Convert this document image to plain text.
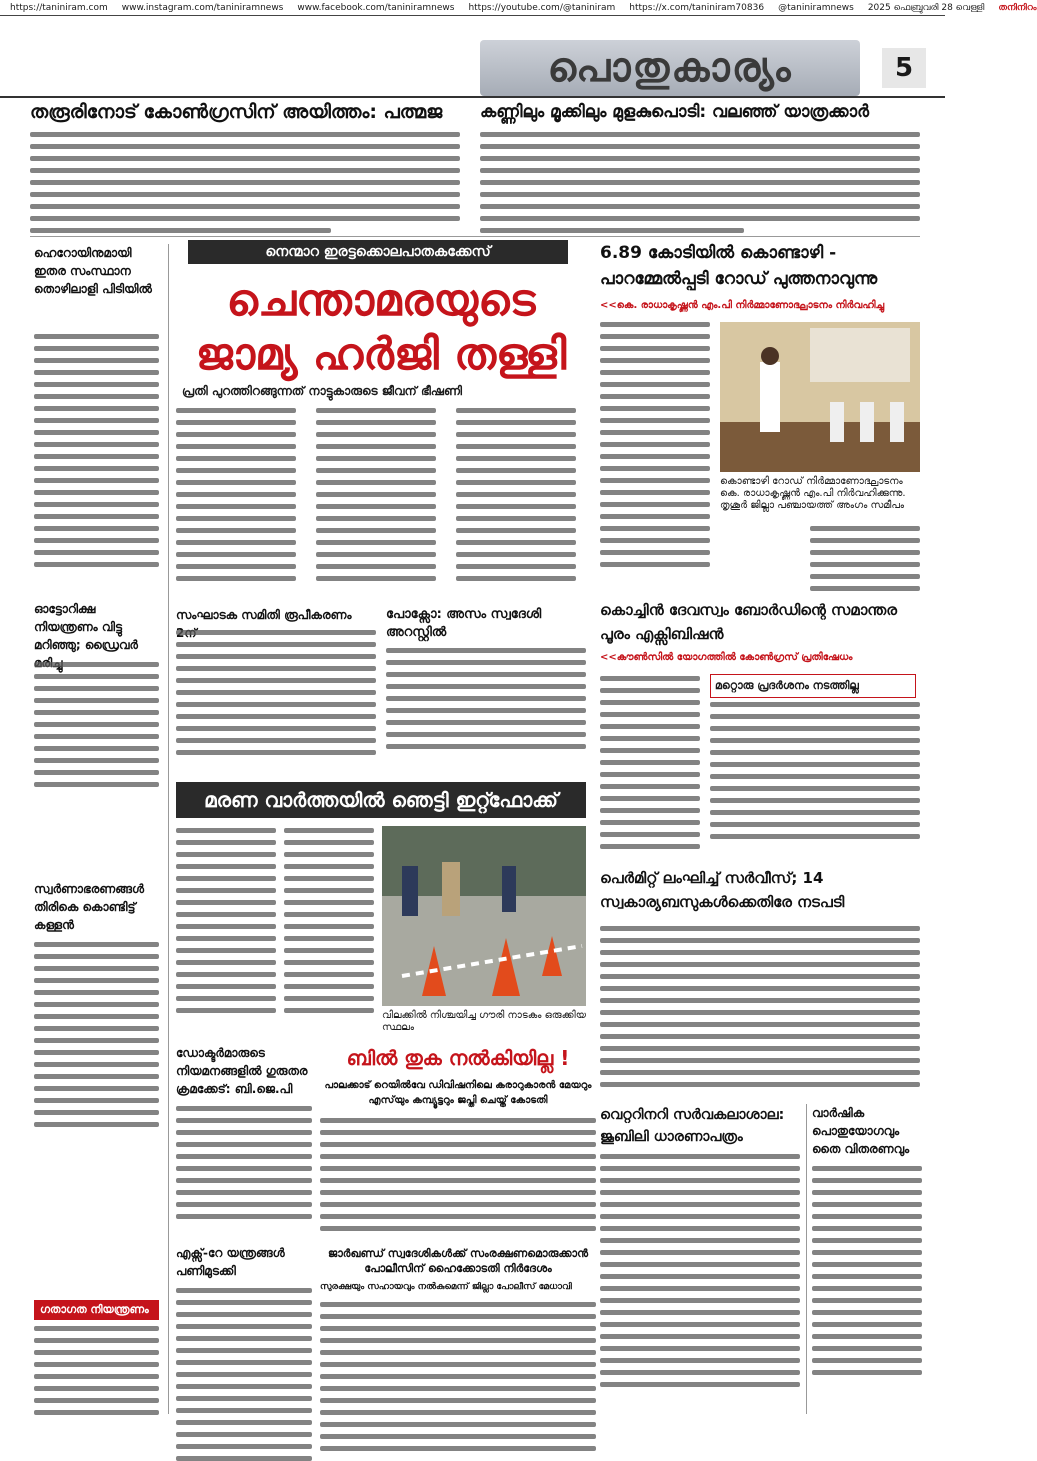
https://taniniram.com www.instagram.com/taniniramnews www.facebook.com/taniniramnews https://youtube.com/@taniniram https://x.com/taniniram70836 @taniniramnews 2025 ഫെബ്രുവരി 28 വെള്ളി തനിനിറം
പൊതുകാര്യം	5
തരൂരിനോട് കോൺഗ്രസിന് അയിത്തം: പത്മജ	കണ്ണിലും മൂക്കിലും മുളകുപൊടി: വലഞ്ഞ് യാത്രക്കാർ
ഹെറോയിനുമായി ഇതര സംസ്ഥാന തൊഴിലാളി പിടിയിൽ
ഓട്ടോറിക്ഷ നിയന്ത്രണം വിട്ടു മറിഞ്ഞു; ഡ്രൈവർ
സ്വർണാഭരണങ്ങൾ തിരികെ കൊണ്ടിട്ട് കള്ളൻ
ഗതാഗത നിയന്ത്രണം
നെന്മാറ ഇരട്ടക്കൊലപാതകക്കേസ്
ചെന്താമരയുടെ ജാമ്യ ഹർജി തള്ളി
പ്രതി പുറത്തിറങ്ങുന്നത് നാട്ടുകാരുടെ ജീവന് ഭീഷണി
സംഘാടക സമിതി രൂപീകരണം	പോക്സോ: അസം സ്വദേശി അറസ്റ്റിൽ
മരണ വാർത്തയിൽ ഞെട്ടി ഇറ്റ്ഫോക്ക്
വിലക്കിൽ നിശ്ചയിച്ച ഗൗരി നാടകം ഒരുക്കിയ സ്ഥലം
6.89 കോടിയിൽ കൊണ്ടാഴി - പാറമ്മേൽപ്പടി റോഡ് പുത്തനാവുന്നു
<<കെ. രാധാകൃഷ്ണൻ എം.പി നിർമ്മാണോദ്ഘാടനം നിർവഹിച്ചു
കൊണ്ടാഴി റോഡ് നിർമ്മാണോദ്ഘാടനം കെ. രാധാകൃഷ്ണൻ എം.പി നിർവഹിക്കുന്നു. തൃശൂർ ജില്ലാ പഞ്ചായത്ത് അംഗം സമീപം
കൊച്ചിൻ ദേവസ്വം ബോർഡിന്റെ സമാന്തര പൂരം എക്സിബിഷൻ
<<കൗൺസിൽ യോഗത്തിൽ കോൺഗ്രസ് പ്രതിഷേധം
മറ്റൊരു പ്രദർശനം നടത്തില്ല
പെർമിറ്റ് ലംഘിച്ച് സർവീസ്; 14 സ്വകാര്യബസുകൾക്കെതിരേ നടപടി
ബിൽ തുക നൽകിയില്ല !
പാലക്കാട് റെയിൽവേ ഡിവിഷനിലെ കരാറുകാരൻ മേയറും എസ്‌യും കമ്പ്യൂട്ടറും ജപ്തി ചെയ്ത് കോടതി
ഡോക്ടർമാരുടെ നിയമനങ്ങളിൽ ഗുരുതര ക്രമക്കേട്: ബി.ജെ.പി
എക്സ്-റേ യന്ത്രങ്ങൾ പണിമുടക്കി
ജാർഖണ്ഡ് സ്വദേശികൾക്ക് സംരക്ഷണമൊരുക്കാൻ പോലീസിന് ഹൈക്കോടതി നിർദേശം
സുരക്ഷയും സഹായവും നൽകുമെന്ന് ജില്ലാ പോലീസ് മേധാവി
വെറ്ററിനറി സർവകലാശാല: ജൂബിലി ധാരണാപത്രം
വാർഷിക പൊതുയോഗവും തൈ വിതരണവും
